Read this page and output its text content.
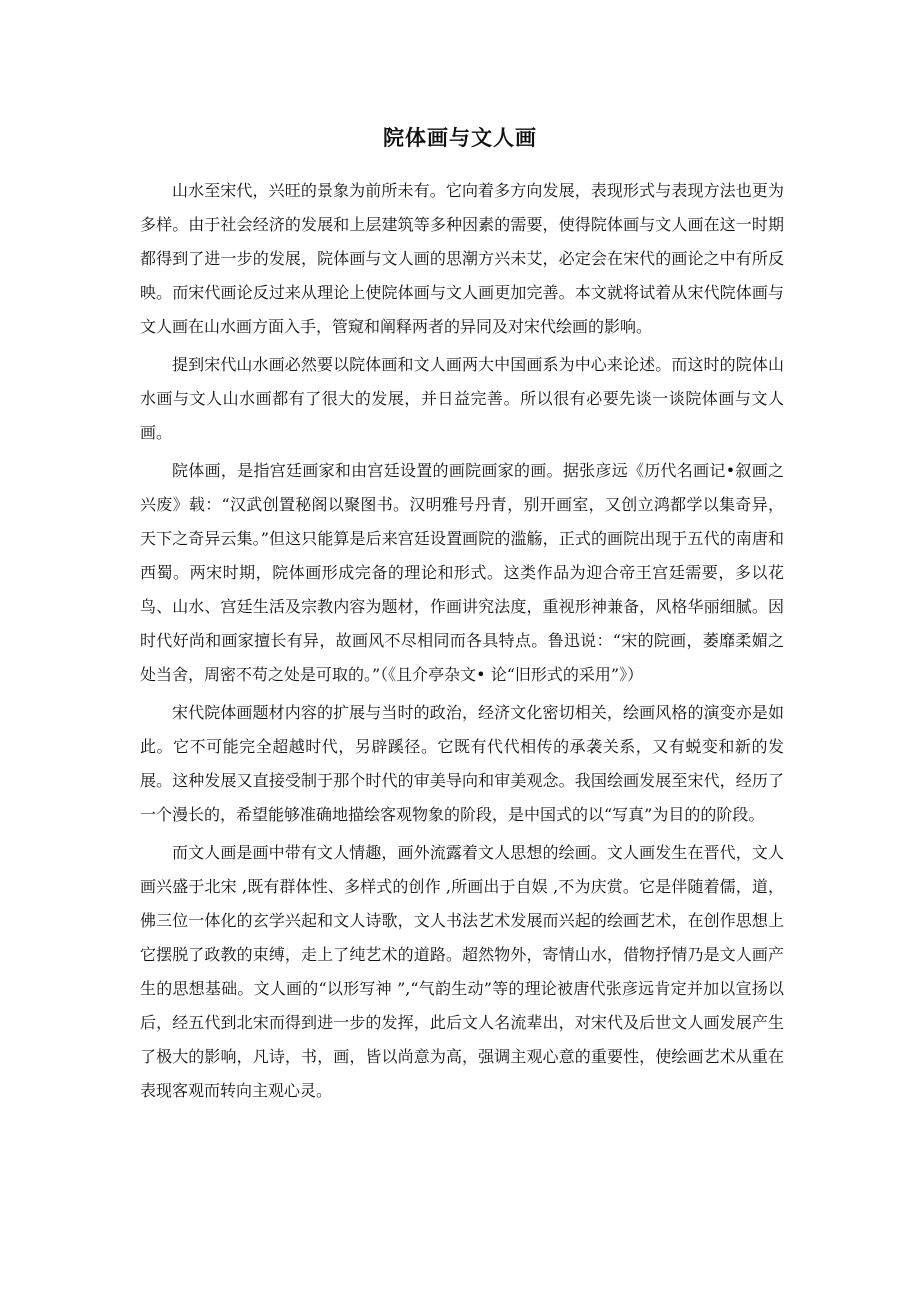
院体画与文人画

山水至宋代，兴旺的景象为前所未有。它向着多方向发展，表现形式与表现方法也更为多样。由于社会经济的发展和上层建筑等多种因素的需要，使得院体画与文人画在这一时期都得到了进一步的发展，院体画与文人画的思潮方兴未艾，必定会在宋代的画论之中有所反映。而宋代画论反过来从理论上使院体画与文人画更加完善。本文就将试着从宋代院体画与文人画在山水画方面入手，管窥和阐释两者的异同及对宋代绘画的影响。

提到宋代山水画必然要以院体画和文人画两大中国画系为中心来论述。而这时的院体山水画与文人山水画都有了很大的发展，并日益完善。所以很有必要先谈一谈院体画与文人画。

院体画，是指宫廷画家和由宫廷设置的画院画家的画。据张彦远《历代名画记•叙画之兴废》载：“汉武创置秘阁以聚图书。汉明雅号丹青，别开画室，又创立鸿都学以集奇异，天下之奇异云集。”但这只能算是后来宫廷设置画院的滥觞，正式的画院出现于五代的南唐和西蜀。两宋时期，院体画形成完备的理论和形式。这类作品为迎合帝王宫廷需要，多以花鸟、山水、宫廷生活及宗教内容为题材，作画讲究法度，重视形神兼备，风格华丽细腻。因时代好尚和画家擅长有异，故画风不尽相同而各具特点。鲁迅说：“宋的院画，萎靡柔媚之处当舍，周密不苟之处是可取的。”（《且介亭杂文• 论“旧形式的采用”》）

宋代院体画题材内容的扩展与当时的政治，经济文化密切相关，绘画风格的演变亦是如此。它不可能完全超越时代，另辟蹊径。它既有代代相传的承袭关系，又有蜕变和新的发展。这种发展又直接受制于那个时代的审美导向和审美观念。我国绘画发展至宋代，经历了一个漫长的，希望能够准确地描绘客观物象的阶段，是中国式的以“写真”为目的的阶段。

而文人画是画中带有文人情趣，画外流露着文人思想的绘画。文人画发生在晋代，文人画兴盛于北宋 ,既有群体性、多样式的创作 ,所画出于自娱 ,不为庆赏。它是伴随着儒，道，佛三位一体化的玄学兴起和文人诗歌，文人书法艺术发展而兴起的绘画艺术，在创作思想上它摆脱了政教的束缚，走上了纯艺术的道路。超然物外，寄情山水，借物抒情乃是文人画产生的思想基础。文人画的“以形写神 ”,“气韵生动”等的理论被唐代张彦远肯定并加以宣扬以后，经五代到北宋而得到进一步的发挥，此后文人名流辈出，对宋代及后世文人画发展产生了极大的影响，凡诗，书，画，皆以尚意为高，强调主观心意的重要性，使绘画艺术从重在表现客观而转向主观心灵。
